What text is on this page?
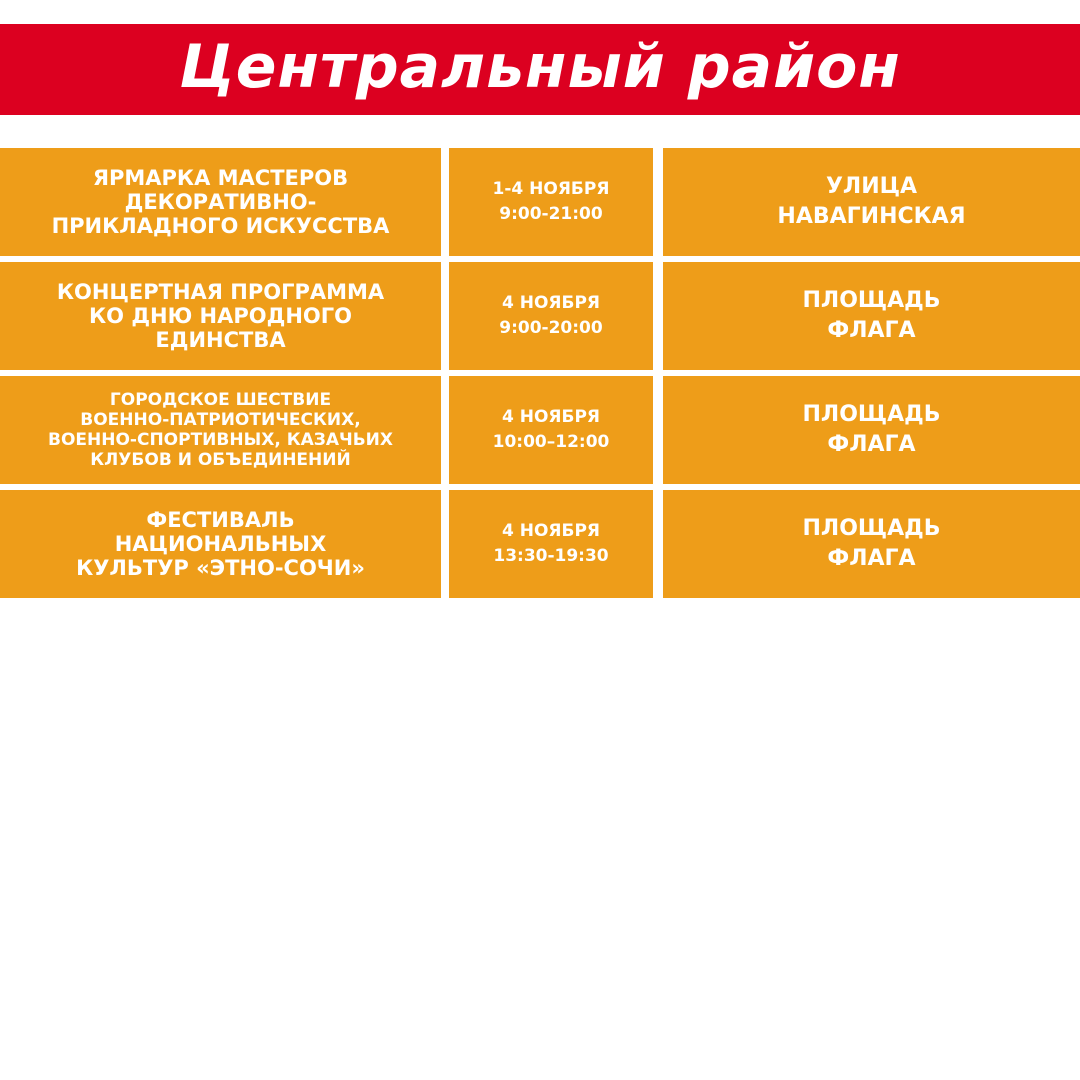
Центральный район
ЯРМАРКА МАСТЕРОВ
ДЕКОРАТИВНО-
ПРИКЛАДНОГО ИСКУССТВА
1-4 НОЯБРЯ
9:00-21:00
УЛИЦА
НАВАГИНСКАЯ
КОНЦЕРТНАЯ ПРОГРАММА
КО ДНЮ НАРОДНОГО
ЕДИНСТВА
4 НОЯБРЯ
9:00-20:00
ПЛОЩАДЬ
ФЛАГА
ГОРОДСКОЕ ШЕСТВИЕ
ВОЕННО-ПАТРИОТИЧЕСКИХ,
ВОЕННО-СПОРТИВНЫХ, КАЗАЧЬИХ
КЛУБОВ И ОБЪЕДИНЕНИЙ
4 НОЯБРЯ
10:00–12:00
ПЛОЩАДЬ
ФЛАГА
ФЕСТИВАЛЬ
НАЦИОНАЛЬНЫХ
КУЛЬТУР «ЭТНО-СОЧИ»
4 НОЯБРЯ
13:30-19:30
ПЛОЩАДЬ
ФЛАГА
